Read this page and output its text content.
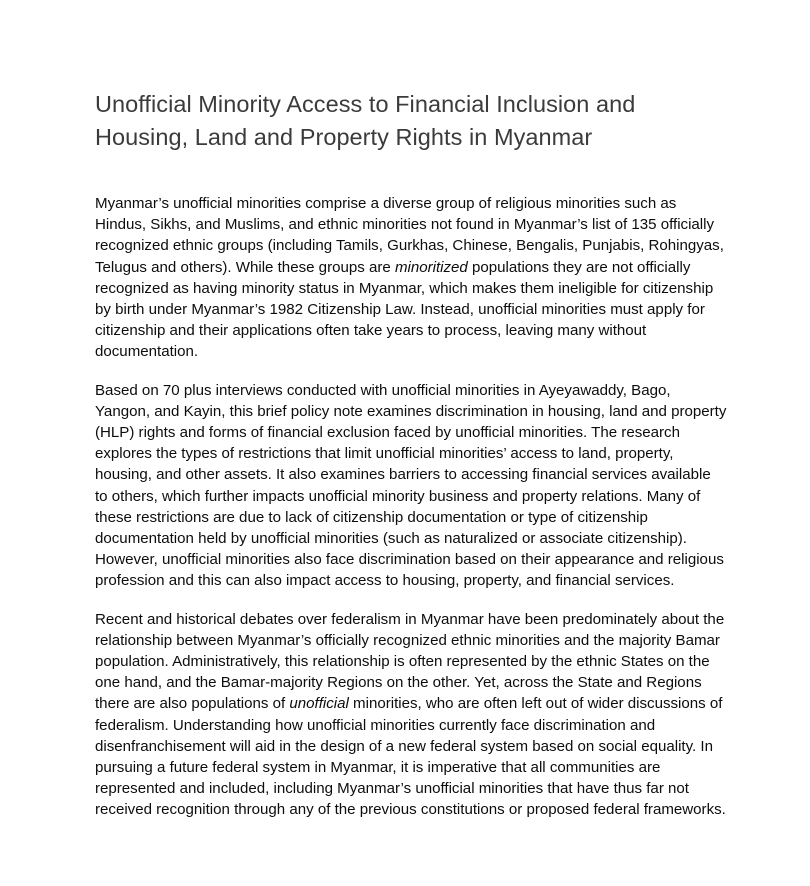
Unofficial Minority Access to Financial Inclusion and Housing, Land and Property Rights in Myanmar

Myanmar’s unofficial minorities comprise a diverse group of religious minorities such as Hindus, Sikhs, and Muslims, and ethnic minorities not found in Myanmar’s list of 135 officially recognized ethnic groups (including Tamils, Gurkhas, Chinese, Bengalis, Punjabis, Rohingyas, Telugus and others). While these groups are minoritized populations they are not officially recognized as having minority status in Myanmar, which makes them ineligible for citizenship by birth under Myanmar’s 1982 Citizenship Law. Instead, unofficial minorities must apply for citizenship and their applications often take years to process, leaving many without documentation.

Based on 70 plus interviews conducted with unofficial minorities in Ayeyawaddy, Bago, Yangon, and Kayin, this brief policy note examines discrimination in housing, land and property (HLP) rights and forms of financial exclusion faced by unofficial minorities. The research explores the types of restrictions that limit unofficial minorities’ access to land, property, housing, and other assets. It also examines barriers to accessing financial services available to others, which further impacts unofficial minority business and property relations. Many of these restrictions are due to lack of citizenship documentation or type of citizenship documentation held by unofficial minorities (such as naturalized or associate citizenship). However, unofficial minorities also face discrimination based on their appearance and religious profession and this can also impact access to housing, property, and financial services.

Recent and historical debates over federalism in Myanmar have been predominately about the relationship between Myanmar’s officially recognized ethnic minorities and the majority Bamar population. Administratively, this relationship is often represented by the ethnic States on the one hand, and the Bamar-majority Regions on the other. Yet, across the State and Regions there are also populations of unofficial minorities, who are often left out of wider discussions of federalism. Understanding how unofficial minorities currently face discrimination and disenfranchisement will aid in the design of a new federal system based on social equality. In pursuing a future federal system in Myanmar, it is imperative that all communities are represented and included, including Myanmar’s unofficial minorities that have thus far not received recognition through any of the previous constitutions or proposed federal frameworks.
